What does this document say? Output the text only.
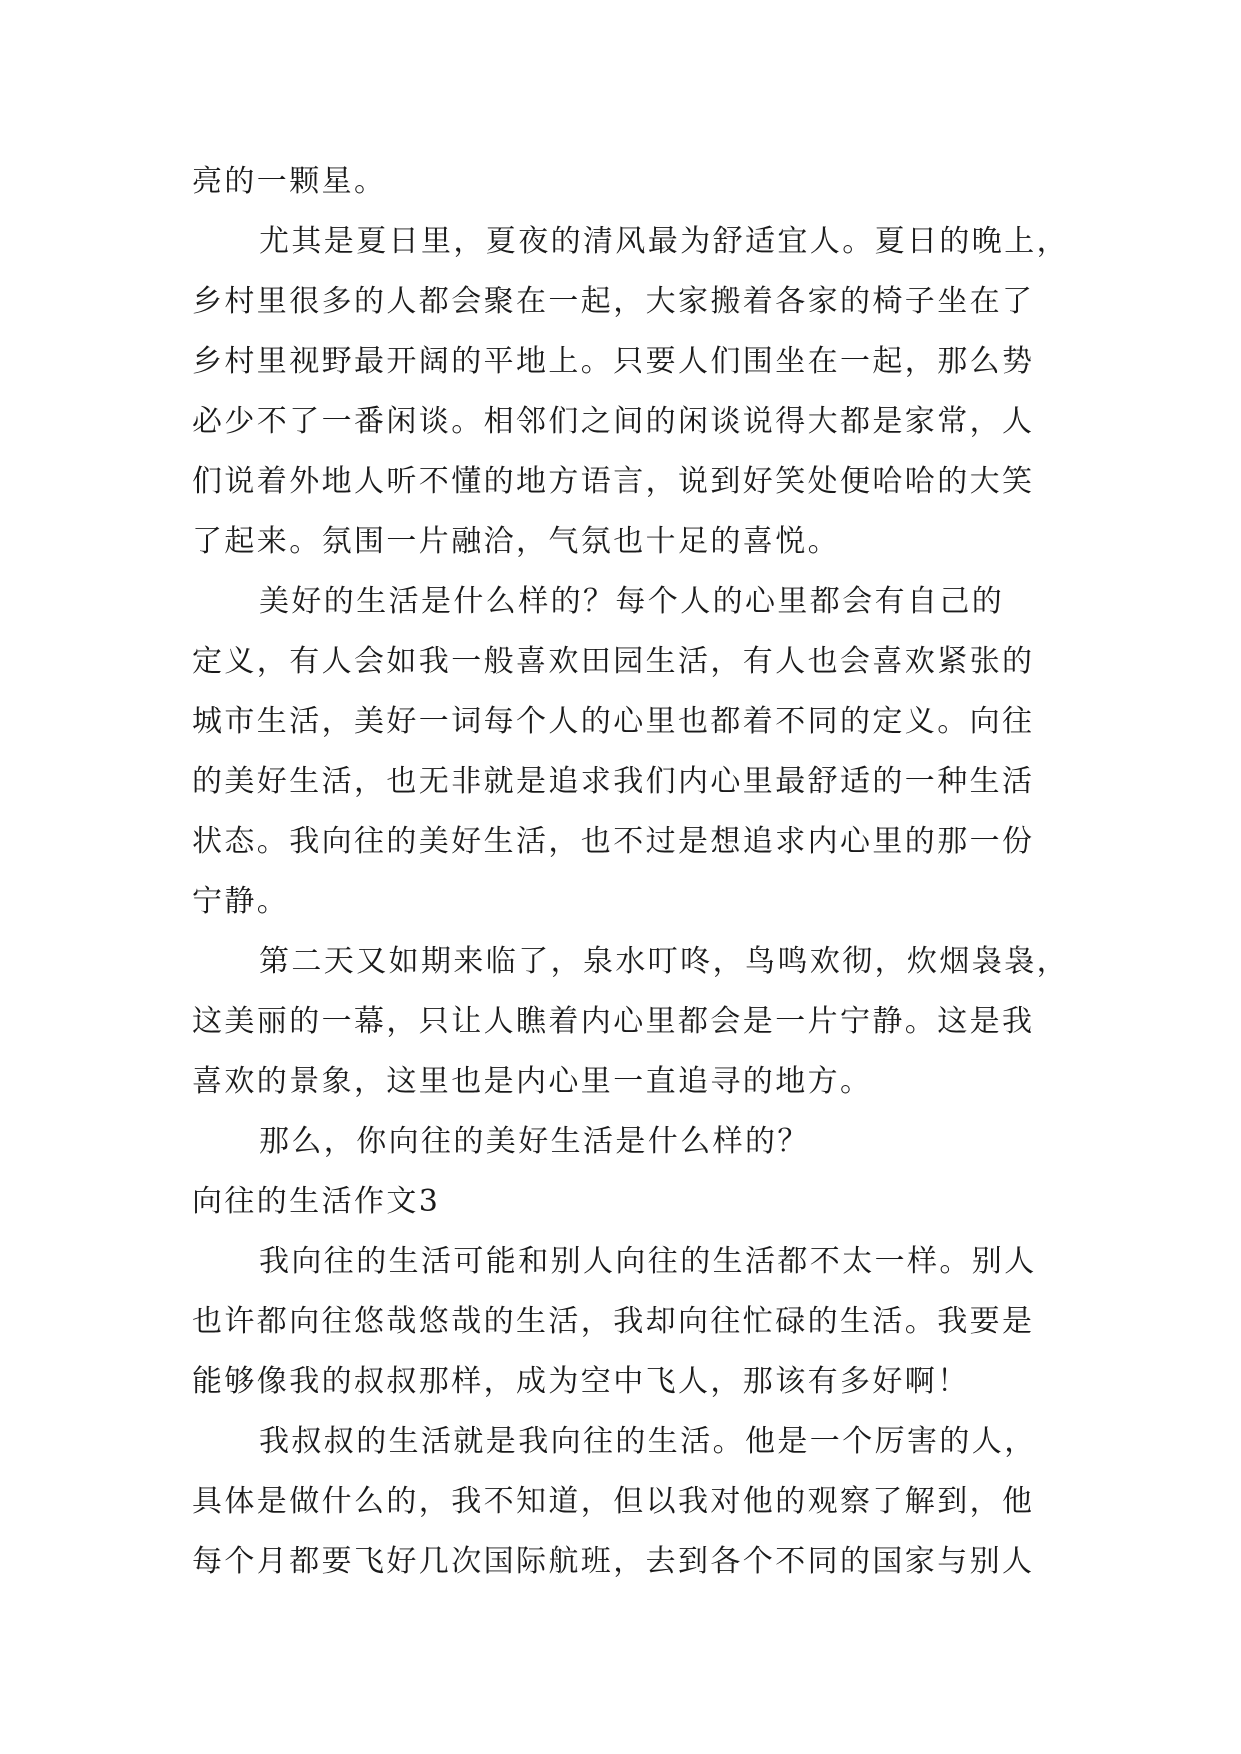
亮的一颗星。
尤其是夏日里，夏夜的清风最为舒适宜人。夏日的晚上，
乡村里很多的人都会聚在一起，大家搬着各家的椅子坐在了
乡村里视野最开阔的平地上。只要人们围坐在一起，那么势
必少不了一番闲谈。相邻们之间的闲谈说得大都是家常，人
们说着外地人听不懂的地方语言，说到好笑处便哈哈的大笑
了起来。氛围一片融洽，气氛也十足的喜悦。
美好的生活是什么样的？每个人的心里都会有自己的
定义，有人会如我一般喜欢田园生活，有人也会喜欢紧张的
城市生活，美好一词每个人的心里也都着不同的定义。向往
的美好生活，也无非就是追求我们内心里最舒适的一种生活
状态。我向往的美好生活，也不过是想追求内心里的那一份
宁静。
第二天又如期来临了，泉水叮咚，鸟鸣欢彻，炊烟袅袅，
这美丽的一幕，只让人瞧着内心里都会是一片宁静。这是我
喜欢的景象，这里也是内心里一直追寻的地方。
那么，你向往的美好生活是什么样的？
向往的生活作文3
我向往的生活可能和别人向往的生活都不太一样。别人
也许都向往悠哉悠哉的生活，我却向往忙碌的生活。我要是
能够像我的叔叔那样，成为空中飞人，那该有多好啊！
我叔叔的生活就是我向往的生活。他是一个厉害的人，
具体是做什么的，我不知道，但以我对他的观察了解到，他
每个月都要飞好几次国际航班，去到各个不同的国家与别人
